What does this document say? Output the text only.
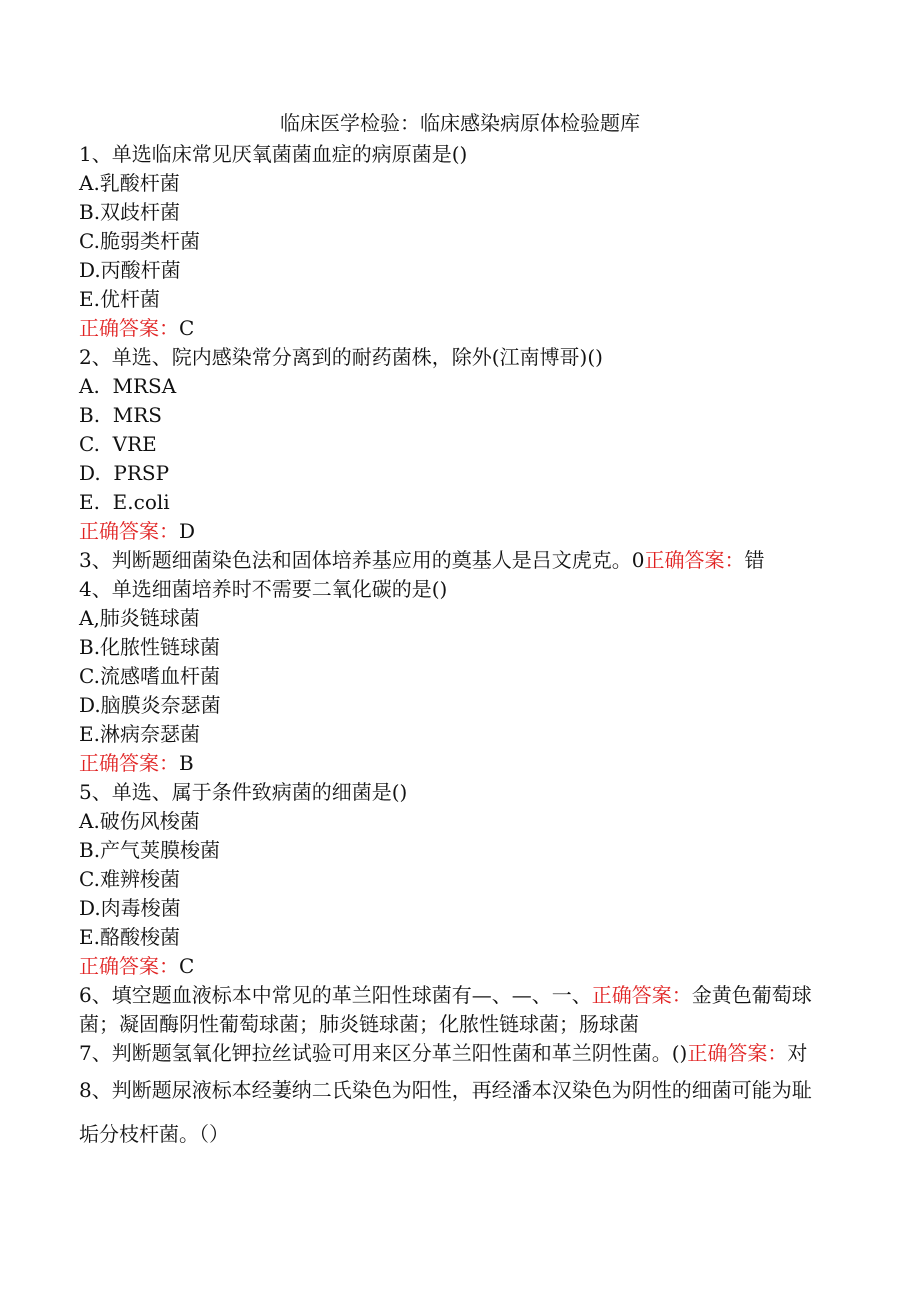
临床医学检验：临床感染病原体检验题库
1、单选临床常见厌氧菌菌血症的病原菌是()
A.乳酸杆菌
B.双歧杆菌
C.脆弱类杆菌
D.丙酸杆菌
E.优杆菌
正确答案：C
2、单选、院内感染常分离到的耐药菌株，除外(江南博哥)()
A.  MRSA
B.  MRS
C.  VRE
D.  PRSP
E.  E.coli
正确答案：D
3、判断题细菌染色法和固体培养基应用的奠基人是吕文虎克。0正确答案：错
4、单选细菌培养时不需要二氧化碳的是()
A,肺炎链球菌
B.化脓性链球菌
C.流感嗜血杆菌
D.脑膜炎奈瑟菌
E.淋病奈瑟菌
正确答案：B
5、单选、属于条件致病菌的细菌是()
A.破伤风梭菌
B.产气荚膜梭菌
C.难辨梭菌
D.肉毒梭菌
E.酪酸梭菌
正确答案：C
6、填空题血液标本中常见的革兰阳性球菌有—、—、一、正确答案：金黄色葡萄球菌；凝固酶阴性葡萄球菌；肺炎链球菌；化脓性链球菌；肠球菌
7、判断题氢氧化钾拉丝试验可用来区分革兰阳性菌和革兰阴性菌。()正确答案：对
8、判断题尿液标本经萋纳二氏染色为阳性，再经潘本汉染色为阴性的细菌可能为耻垢分枝杆菌。（）
